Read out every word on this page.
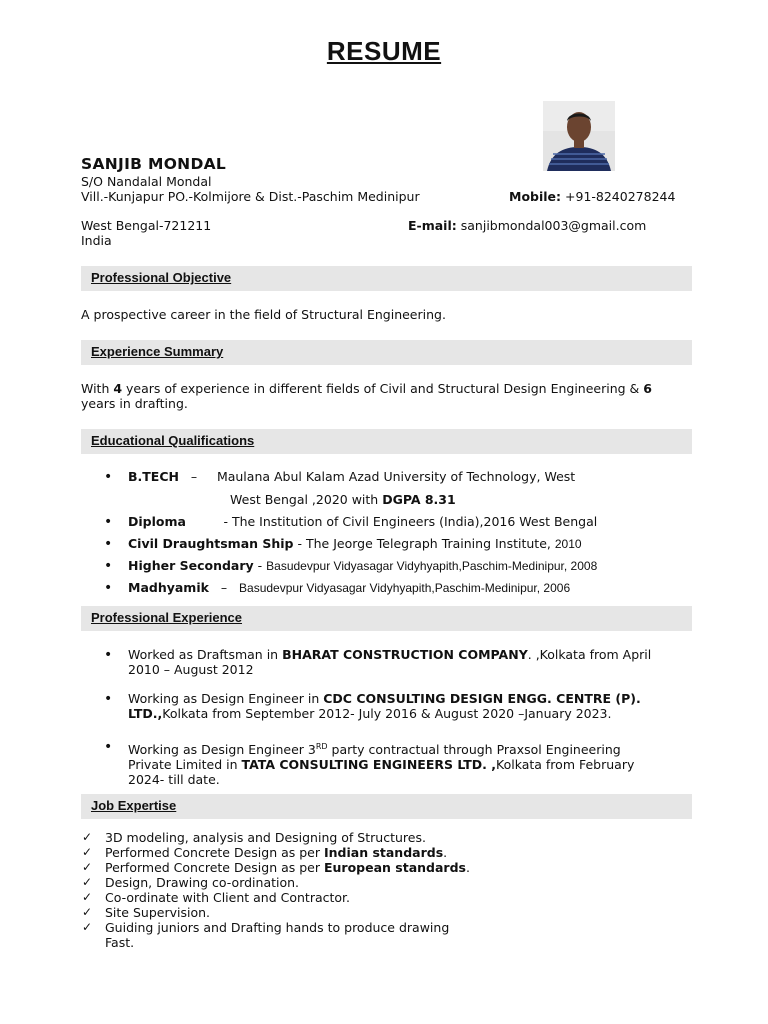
RESUME
SANJIB MONDAL
S/O Nandalal Mondal
Vill.-Kunjapur PO.-Kolmijore & Dist.-Paschim Medinipur
West Bengal-721211
India
Mobile: +91-8240278244
E-mail: sanjibmondal003@gmail.com
Professional Objective
A prospective career in the field of Structural Engineering.
Experience Summary
With 4 years of experience in different fields of Civil and Structural Design Engineering & 6
years in drafting.
Educational Qualifications
• B.TECH – Maulana Abul Kalam Azad University of Technology, West
West Bengal ,2020 with DGPA 8.31
• Diploma	- The Institution of Civil Engineers (India),2016 West Bengal
• Civil Draughtsman Ship - The Jeorge Telegraph Training Institute, 2010
• Higher Secondary - Basudevpur Vidyasagar Vidyhyapith,Paschim-Medinipur, 2008
• Madhyamik – Basudevpur Vidyasagar Vidyhyapith,Paschim-Medinipur, 2006
Professional Experience
• Worked as Draftsman in BHARAT CONSTRUCTION COMPANY. ,Kolkata from April
2010 – August 2012
• Working as Design Engineer in CDC CONSULTING DESIGN ENGG. CENTRE (P).
LTD.,Kolkata from September 2012- July 2016 & August 2020 –January 2023.
• Working as Design Engineer 3RD party contractual through Praxsol Engineering
Private Limited in TATA CONSULTING ENGINEERS LTD. ,Kolkata from February
2024- till date.
Job Expertise
✓ 3D modeling, analysis and Designing of Structures.
✓ Performed Concrete Design as per Indian standards.
✓ Performed Concrete Design as per European standards.
✓ Design, Drawing co-ordination.
✓ Co-ordinate with Client and Contractor.
✓ Site Supervision.
✓ Guiding juniors and Drafting hands to produce drawing
Fast.
